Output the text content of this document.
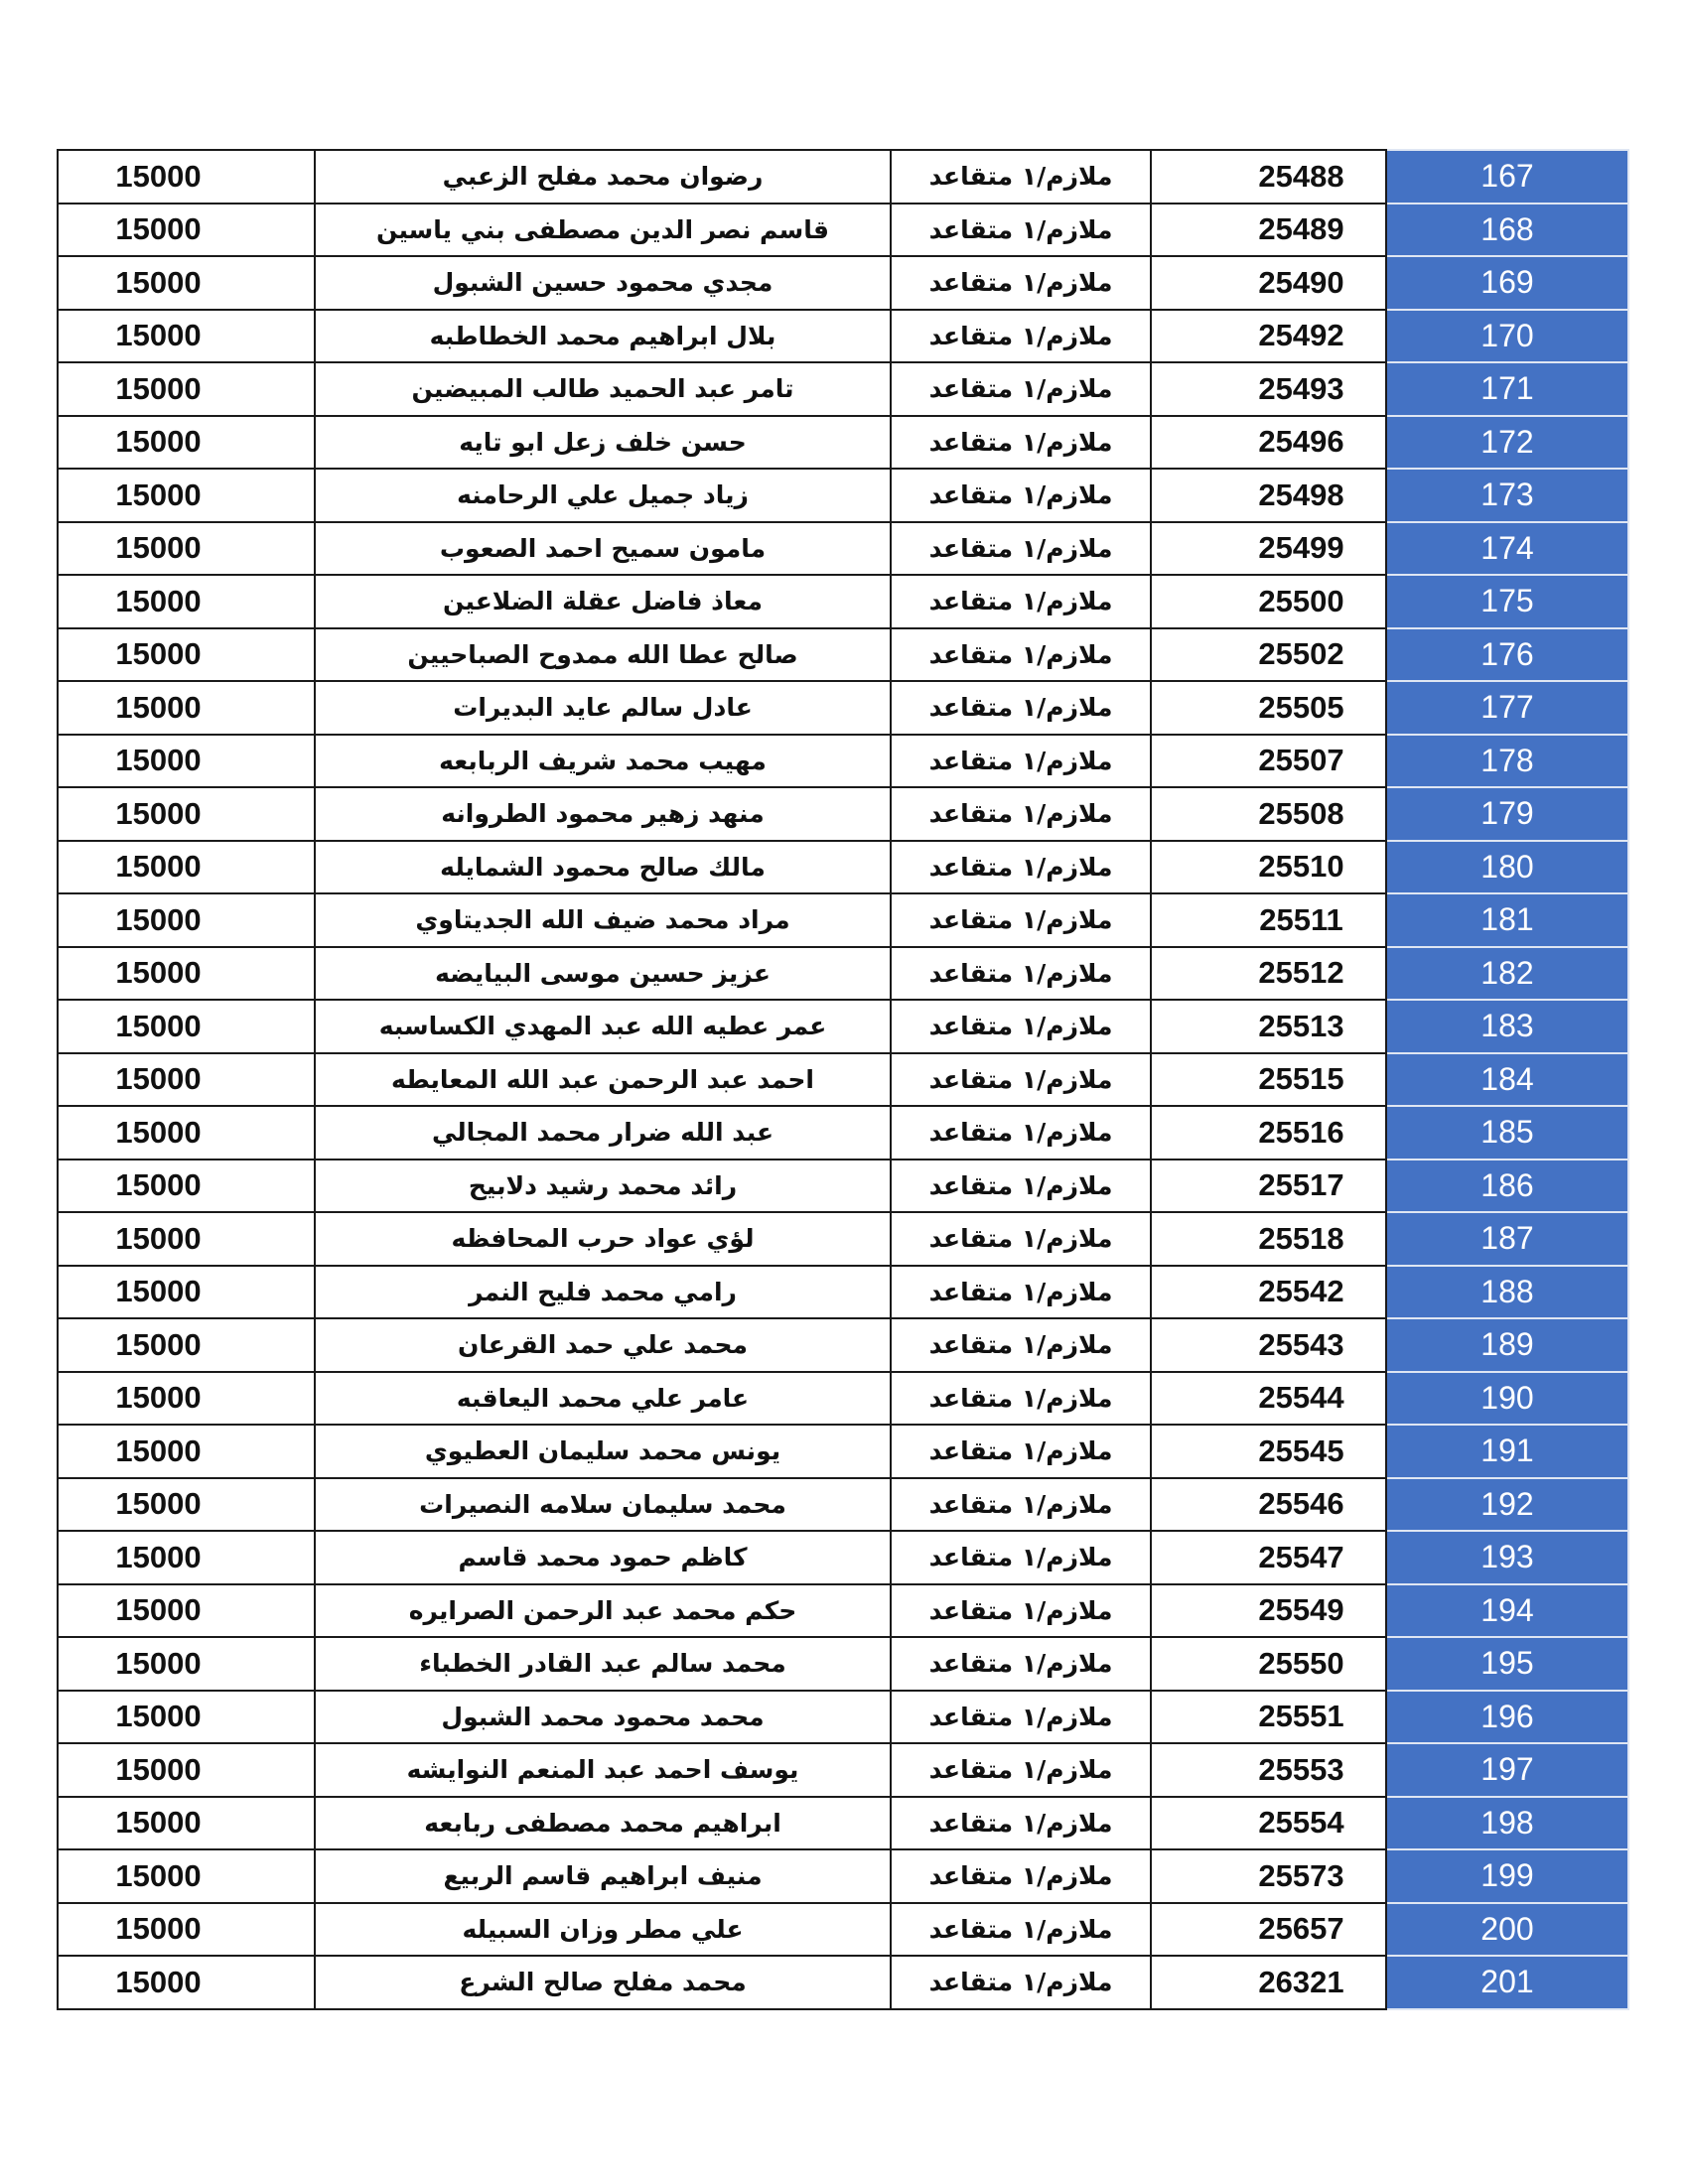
15000	رضوان محمد مفلح الزعبي	ملازم/١ متقاعد	25488	167
15000	قاسم نصر الدين مصطفى بني ياسين	ملازم/١ متقاعد	25489	168
15000	مجدي محمود حسين الشبول	ملازم/١ متقاعد	25490	169
15000	بلال ابراهيم محمد الخطاطبه	ملازم/١ متقاعد	25492	170
15000	تامر عبد الحميد طالب المبيضين	ملازم/١ متقاعد	25493	171
15000	حسن خلف زعل ابو تايه	ملازم/١ متقاعد	25496	172
15000	زياد جميل علي الرحامنه	ملازم/١ متقاعد	25498	173
15000	مامون سميح احمد الصعوب	ملازم/١ متقاعد	25499	174
15000	معاذ فاضل عقلة الضلاعين	ملازم/١ متقاعد	25500	175
15000	صالح عطا الله ممدوح الصباحيين	ملازم/١ متقاعد	25502	176
15000	عادل سالم عايد البديرات	ملازم/١ متقاعد	25505	177
15000	مهيب محمد شريف الربابعه	ملازم/١ متقاعد	25507	178
15000	منهد زهير محمود الطروانه	ملازم/١ متقاعد	25508	179
15000	مالك صالح محمود الشمايله	ملازم/١ متقاعد	25510	180
15000	مراد محمد ضيف الله الجديتاوي	ملازم/١ متقاعد	25511	181
15000	عزيز حسين موسى البيايضه	ملازم/١ متقاعد	25512	182
15000	عمر عطيه الله عبد المهدي الكساسبه	ملازم/١ متقاعد	25513	183
15000	احمد عبد الرحمن عبد الله المعايطه	ملازم/١ متقاعد	25515	184
15000	عبد الله ضرار محمد المجالي	ملازم/١ متقاعد	25516	185
15000	رائد محمد رشيد دلابيح	ملازم/١ متقاعد	25517	186
15000	لؤي عواد حرب المحافظه	ملازم/١ متقاعد	25518	187
15000	رامي محمد فليح النمر	ملازم/١ متقاعد	25542	188
15000	محمد علي حمد القرعان	ملازم/١ متقاعد	25543	189
15000	عامر علي محمد اليعاقبه	ملازم/١ متقاعد	25544	190
15000	يونس محمد سليمان العطيوي	ملازم/١ متقاعد	25545	191
15000	محمد سليمان سلامه النصيرات	ملازم/١ متقاعد	25546	192
15000	كاظم حمود محمد قاسم	ملازم/١ متقاعد	25547	193
15000	حكم محمد عبد الرحمن الصرايره	ملازم/١ متقاعد	25549	194
15000	محمد سالم عبد القادر الخطباء	ملازم/١ متقاعد	25550	195
15000	محمد محمود محمد الشبول	ملازم/١ متقاعد	25551	196
15000	يوسف احمد عبد المنعم النوايشه	ملازم/١ متقاعد	25553	197
15000	ابراهيم محمد مصطفى ربابعه	ملازم/١ متقاعد	25554	198
15000	منيف ابراهيم قاسم الربيع	ملازم/١ متقاعد	25573	199
15000	علي مطر وزان السبيله	ملازم/١ متقاعد	25657	200
15000	محمد مفلح صالح الشرع	ملازم/١ متقاعد	26321	201
